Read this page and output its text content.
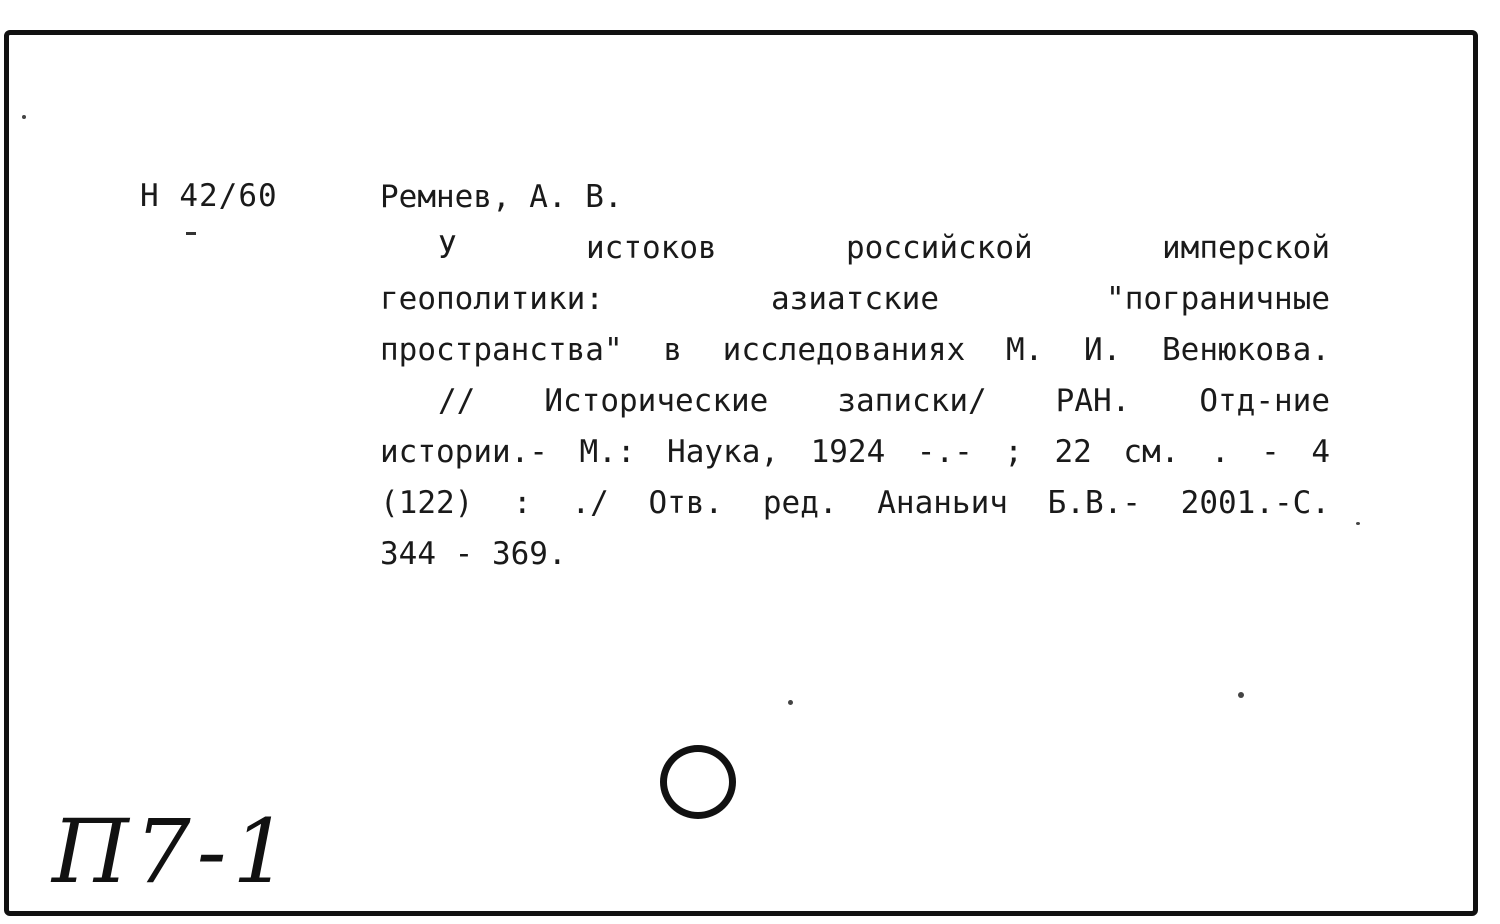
Н 42/60	Ремнев, А. В.
У истоков российской имперской
геополитики: азиатские "пограничные
пространства" в исследованиях М. И. Венюкова.
// Исторические записки/ РАН. Отд-ние
истории.- М.: Наука, 1924 -.- ; 22 см. . - 4
(122) : ./ Отв. ред. Ананьич Б.В.- 2001.-С.
344 - 369.
П7-1
